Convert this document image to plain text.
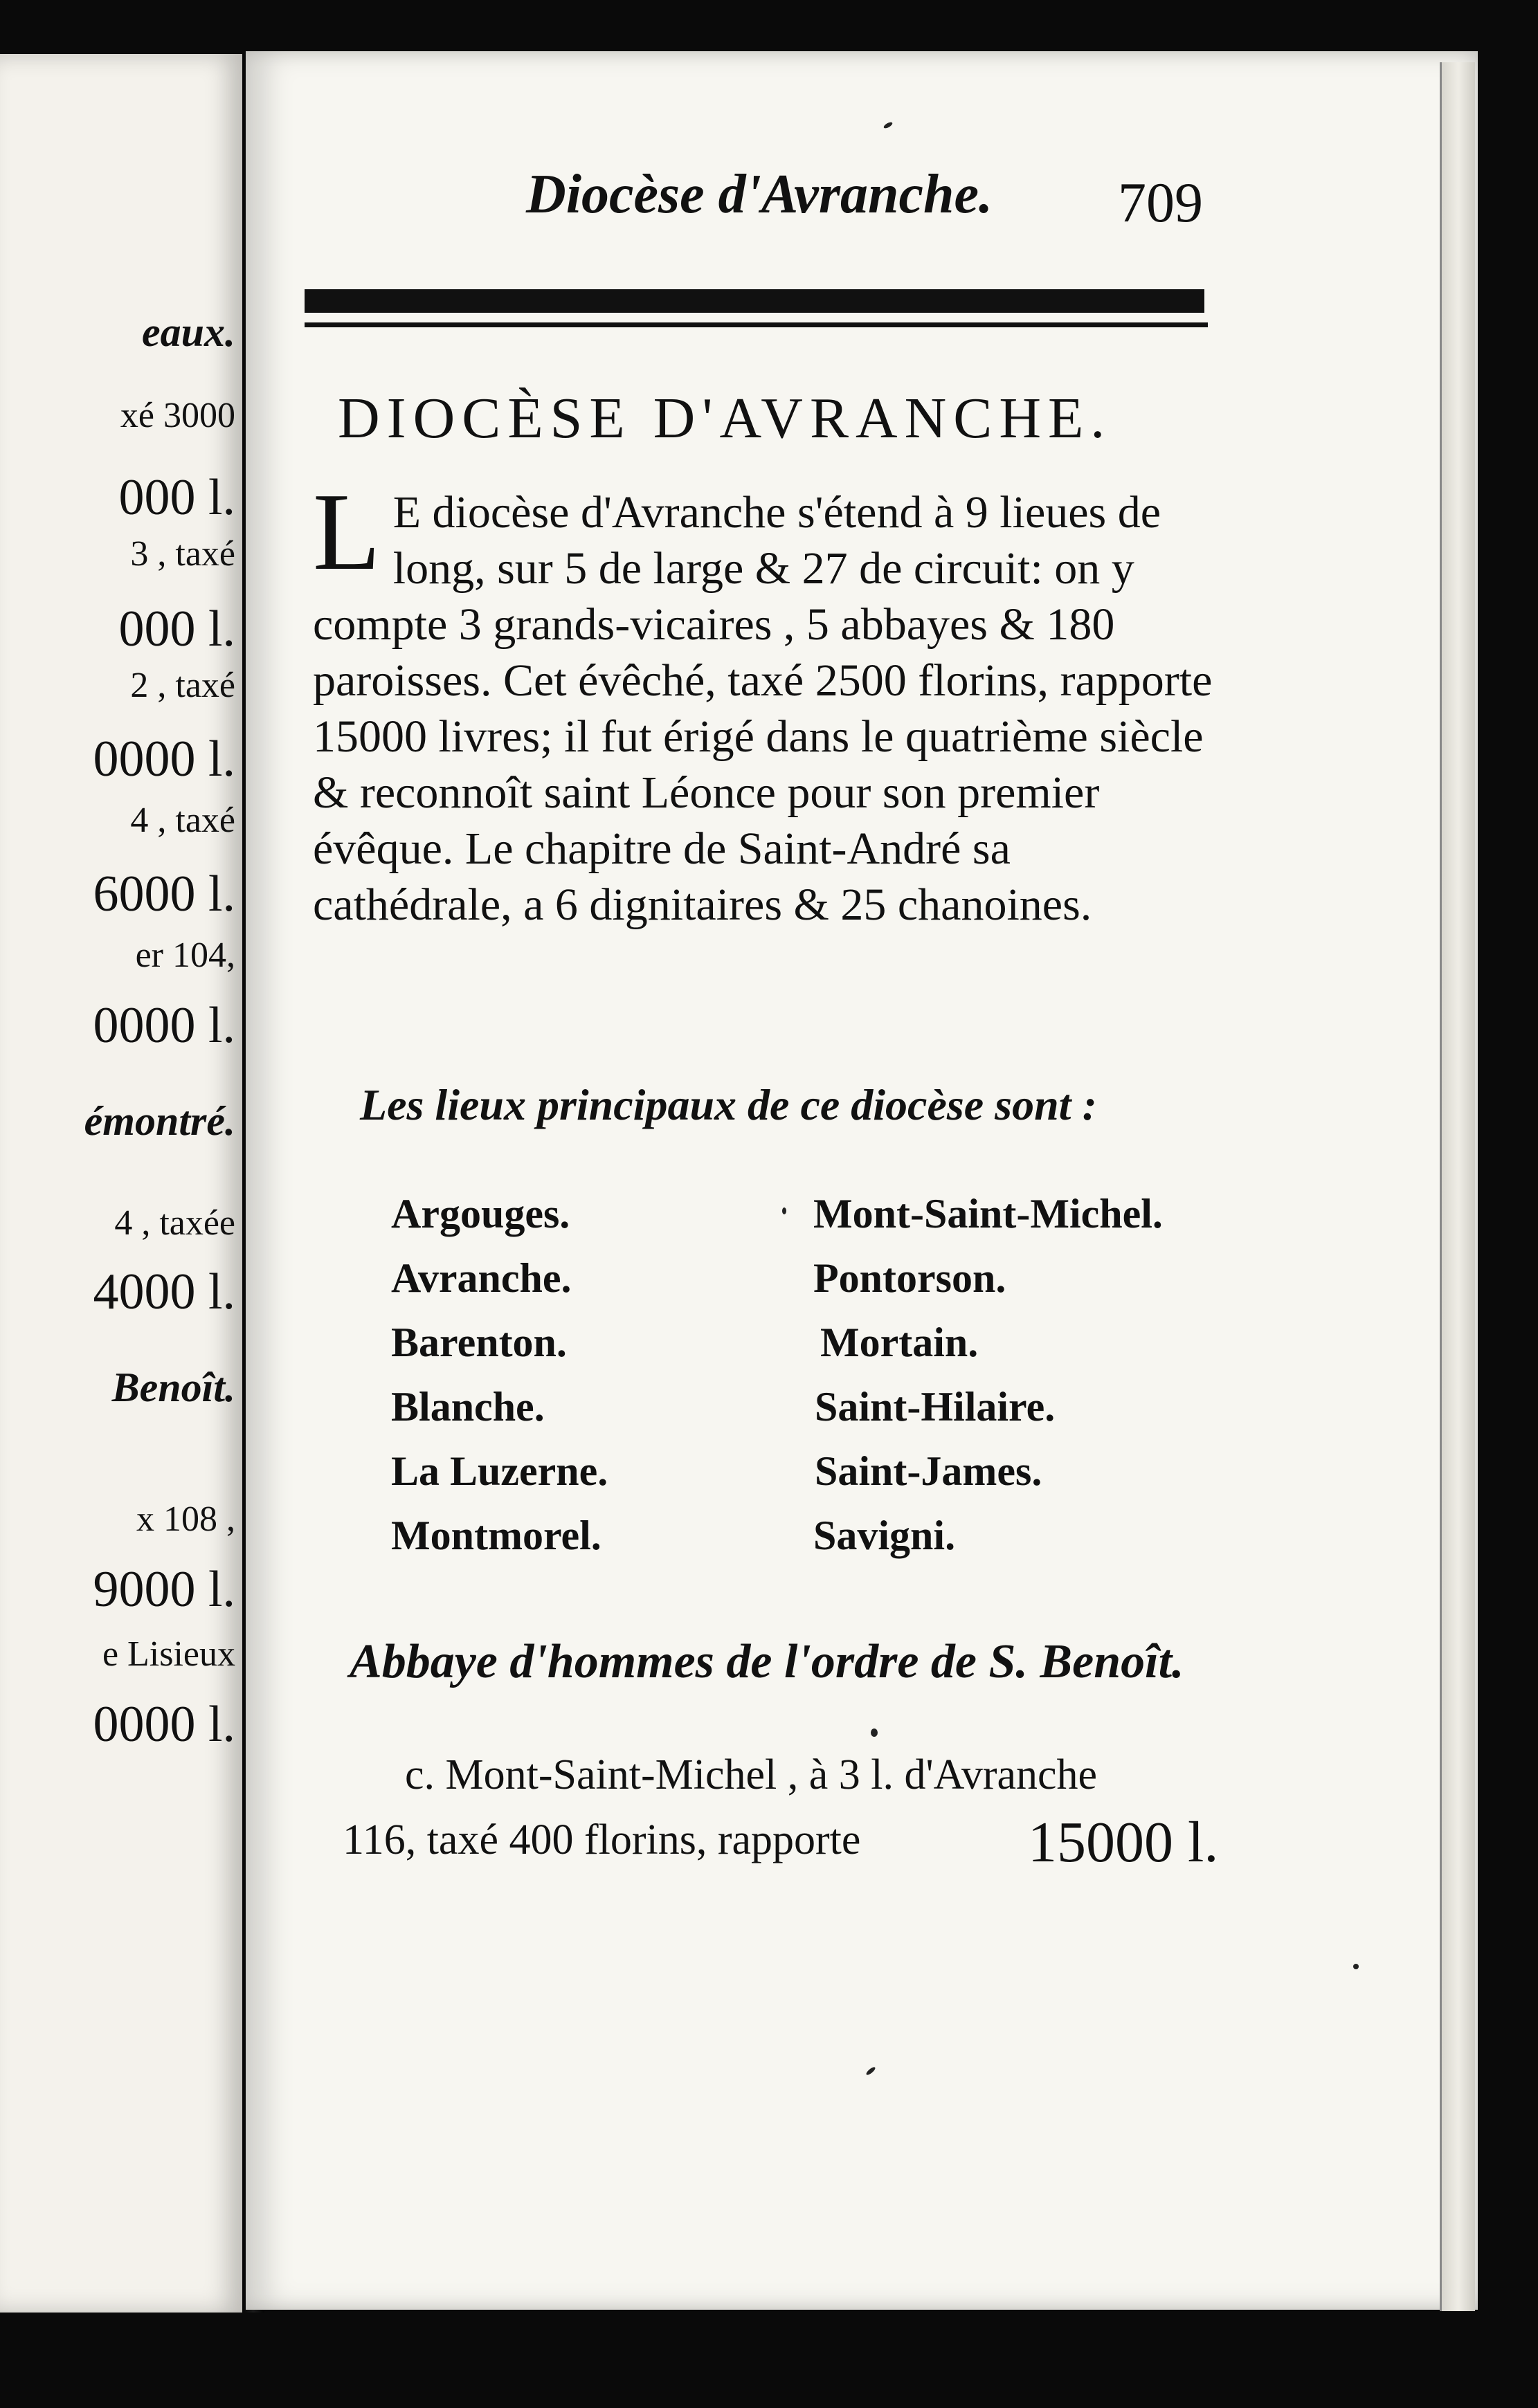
eaux.
xé 3000
000 l.
3 , taxé
000 l.
2 , taxé
0000 l.
4 , taxé
6000 l.
er 104,
0000 l.
émontré.
4 , taxée
4000 l.
Benoît.
x 108 ,
9000 l.
e Lisieux
0000 l.
Diocèse d'Avranche. 709
DIOCÈSE D'AVRANCHE.
L E diocèse d'Avranche s'étend à 9 lieues de long, sur 5 de large & 27 de circuit: on y compte 3 grands-vicaires , 5 abbayes & 180 paroisses. Cet évêché, taxé 2500 florins, rapporte 15000 livres; il fut érigé dans le quatrième siècle & reconnoît saint Léonce pour son premier évêque. Le chapitre de Saint-André sa cathédrale, a 6 dignitaires & 25 chanoines.
Les lieux principaux de ce diocèse sont :
Argouges.
Avranche.
Barenton.
Blanche.
La Luzerne.
Montmorel.
Mont-Saint-Michel.
Pontorson.
Mortain.
Saint-Hilaire.
Saint-James.
Savigni.
Abbaye d'hommes de l'ordre de S. Benoît.
c. Mont-Saint-Michel , à 3 l. d'Avranche
116, taxé 400 florins, rapporte	15000 l.
